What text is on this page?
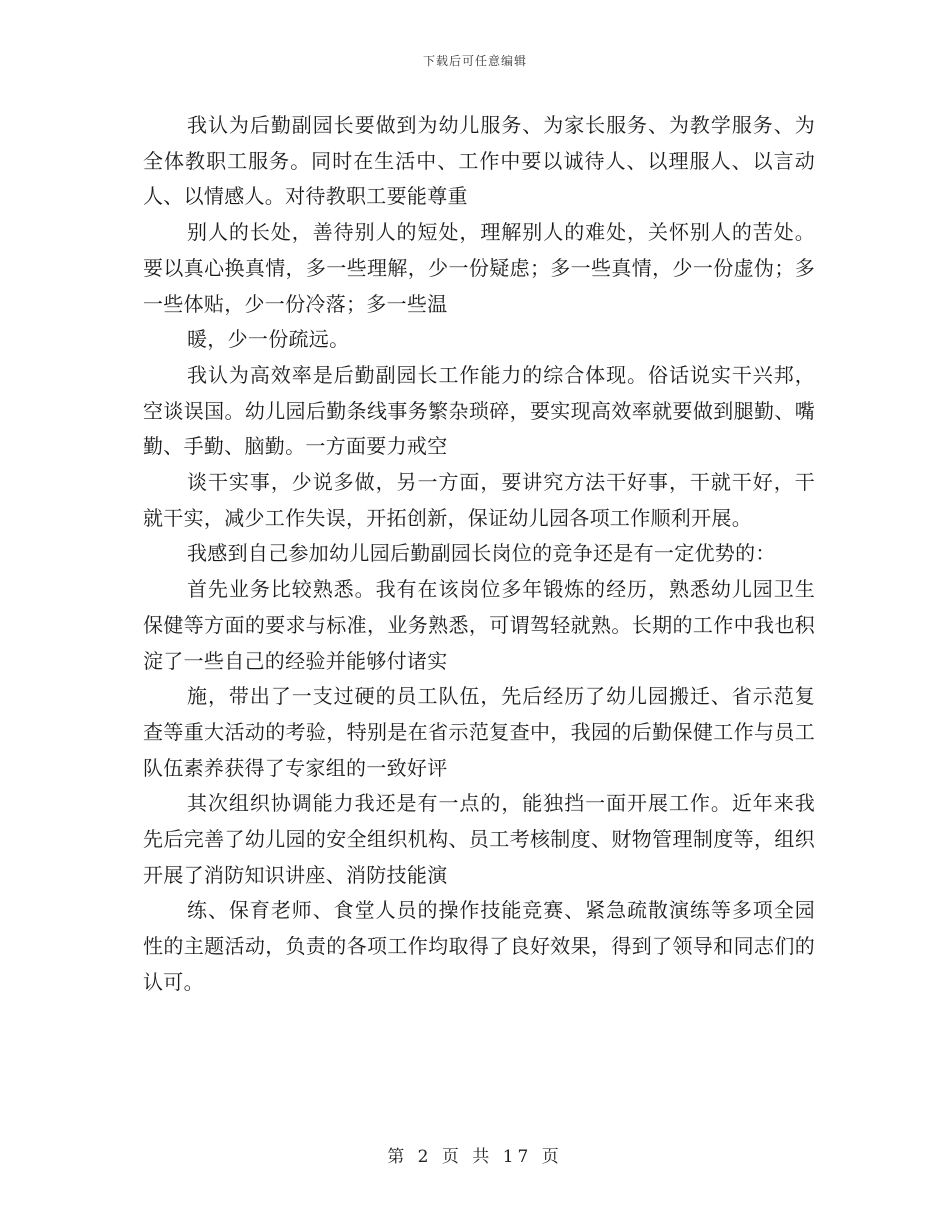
下载后可任意编辑

我认为后勤副园长要做到为幼儿服务、为家长服务、为教学服务、为全体教职工服务。同时在生活中、工作中要以诚待人、以理服人、以言动人、以情感人。对待教职工要能尊重

别人的长处，善待别人的短处，理解别人的难处，关怀别人的苦处。要以真心换真情，多一些理解，少一份疑虑；多一些真情，少一份虚伪；多一些体贴，少一份冷落；多一些温

暖，少一份疏远。

我认为高效率是后勤副园长工作能力的综合体现。俗话说实干兴邦，空谈误国。幼儿园后勤条线事务繁杂琐碎，要实现高效率就要做到腿勤、嘴勤、手勤、脑勤。一方面要力戒空

谈干实事，少说多做，另一方面，要讲究方法干好事，干就干好，干就干实，减少工作失误，开拓创新，保证幼儿园各项工作顺利开展。

我感到自己参加幼儿园后勤副园长岗位的竞争还是有一定优势的：

首先业务比较熟悉。我有在该岗位多年锻炼的经历，熟悉幼儿园卫生保健等方面的要求与标准，业务熟悉，可谓驾轻就熟。长期的工作中我也积淀了一些自己的经验并能够付诸实

施，带出了一支过硬的员工队伍，先后经历了幼儿园搬迁、省示范复查等重大活动的考验，特别是在省示范复查中，我园的后勤保健工作与员工队伍素养获得了专家组的一致好评

其次组织协调能力我还是有一点的，能独挡一面开展工作。近年来我先后完善了幼儿园的安全组织机构、员工考核制度、财物管理制度等，组织开展了消防知识讲座、消防技能演

练、保育老师、食堂人员的操作技能竞赛、紧急疏散演练等多项全园性的主题活动，负责的各项工作均取得了良好效果，得到了领导和同志们的认可。

第 2 页 共 17 页
